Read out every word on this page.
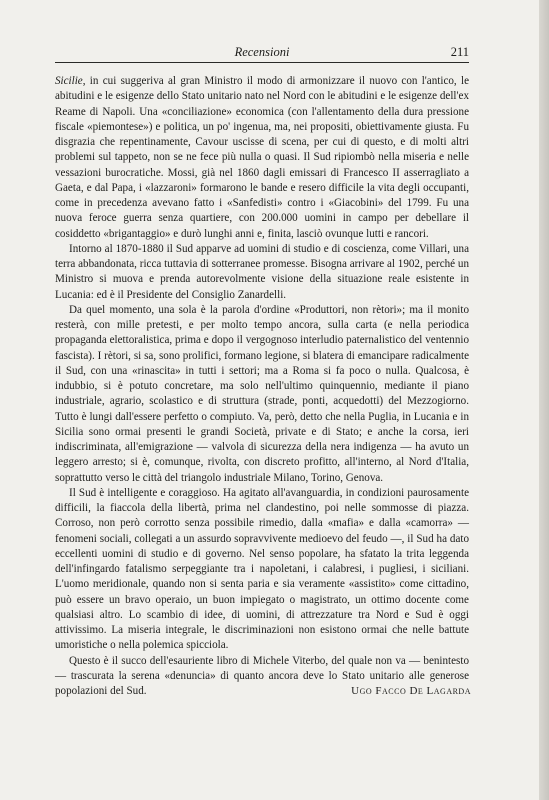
Recensioni	211

Sicilie, in cui suggeriva al gran Ministro il modo di armonizzare il nuovo con l'antico, le abitudini e le esigenze dello Stato unitario nato nel Nord con le abitudini e le esigenze dell'ex Reame di Napoli. Una «conciliazione» economica (con l'allentamento della dura pressione fiscale «piemontese») e politica, un po' ingenua, ma, nei propositi, obiettivamente giusta. Fu disgrazia che repentinamente, Cavour uscisse di scena, per cui di questo, e di molti altri problemi sul tappeto, non se ne fece più nulla o quasi. Il Sud ripiombò nella miseria e nelle vessazioni burocratiche. Mossi, già nel 1860 dagli emissari di Francesco II asserragliato a Gaeta, e dal Papa, i «lazzaroni» formarono le bande e resero difficile la vita degli occupanti, come in precedenza avevano fatto i «Sanfedisti» contro i «Giacobini» del 1799. Fu una nuova feroce guerra senza quartiere, con 200.000 uomini in campo per debellare il cosiddetto «brigantaggio» e durò lunghi anni e, finita, lasciò ovunque lutti e rancori.

Intorno al 1870-1880 il Sud apparve ad uomini di studio e di coscienza, come Villari, una terra abbandonata, ricca tuttavia di sotterranee promesse. Bisogna arrivare al 1902, perché un Ministro si muova e prenda autorevolmente visione della situazione reale esistente in Lucania: ed è il Presidente del Consiglio Zanardelli.

Da quel momento, una sola è la parola d'ordine «Produttori, non rètori»; ma il monito resterà, con mille pretesti, e per molto tempo ancora, sulla carta (e nella periodica propaganda elettoralistica, prima e dopo il vergognoso interludio paternalistico del ventennio fascista). I rètori, si sa, sono prolifici, formano legione, si blatera di emancipare radicalmente il Sud, con una «rinascita» in tutti i settori; ma a Roma si fa poco o nulla. Qualcosa, è indubbio, si è potuto concretare, ma solo nell'ultimo quinquennio, mediante il piano industriale, agrario, scolastico e di struttura (strade, ponti, acquedotti) del Mezzogiorno. Tutto è lungi dall'essere perfetto o compiuto. Va, però, detto che nella Puglia, in Lucania e in Sicilia sono ormai presenti le grandi Società, private e di Stato; e anche la corsa, ieri indiscriminata, all'emigrazione — valvola di sicurezza della nera indigenza — ha avuto un leggero arresto; si è, comunque, rivolta, con discreto profitto, all'interno, al Nord d'Italia, soprattutto verso le città del triangolo industriale Milano, Torino, Genova.

Il Sud è intelligente e coraggioso. Ha agitato all'avanguardia, in condizioni paurosamente difficili, la fiaccola della libertà, prima nel clandestino, poi nelle sommosse di piazza. Corroso, non però corrotto senza possibile rimedio, dalla «mafia» e dalla «camorra» — fenomeni sociali, collegati a un assurdo sopravvivente medioevo del feudo —, il Sud ha dato eccellenti uomini di studio e di governo. Nel senso popolare, ha sfatato la trita leggenda dell'infingardo fatalismo serpeggiante tra i napoletani, i calabresi, i pugliesi, i siciliani. L'uomo meridionale, quando non si senta paria e sia veramente «assistito» come cittadino, può essere un bravo operaio, un buon impiegato o magistrato, un ottimo docente come qualsiasi altro. Lo scambio di idee, di uomini, di attrezzature tra Nord e Sud è oggi attivissimo. La miseria integrale, le discriminazioni non esistono ormai che nelle battute umoristiche o nella polemica spicciola.

Questo è il succo dell'esauriente libro di Michele Viterbo, del quale non va — benintesto — trascurata la serena «denuncia» di quanto ancora deve lo Stato unitario alle generose popolazioni del Sud.	Ugo Facco De Lagarda
